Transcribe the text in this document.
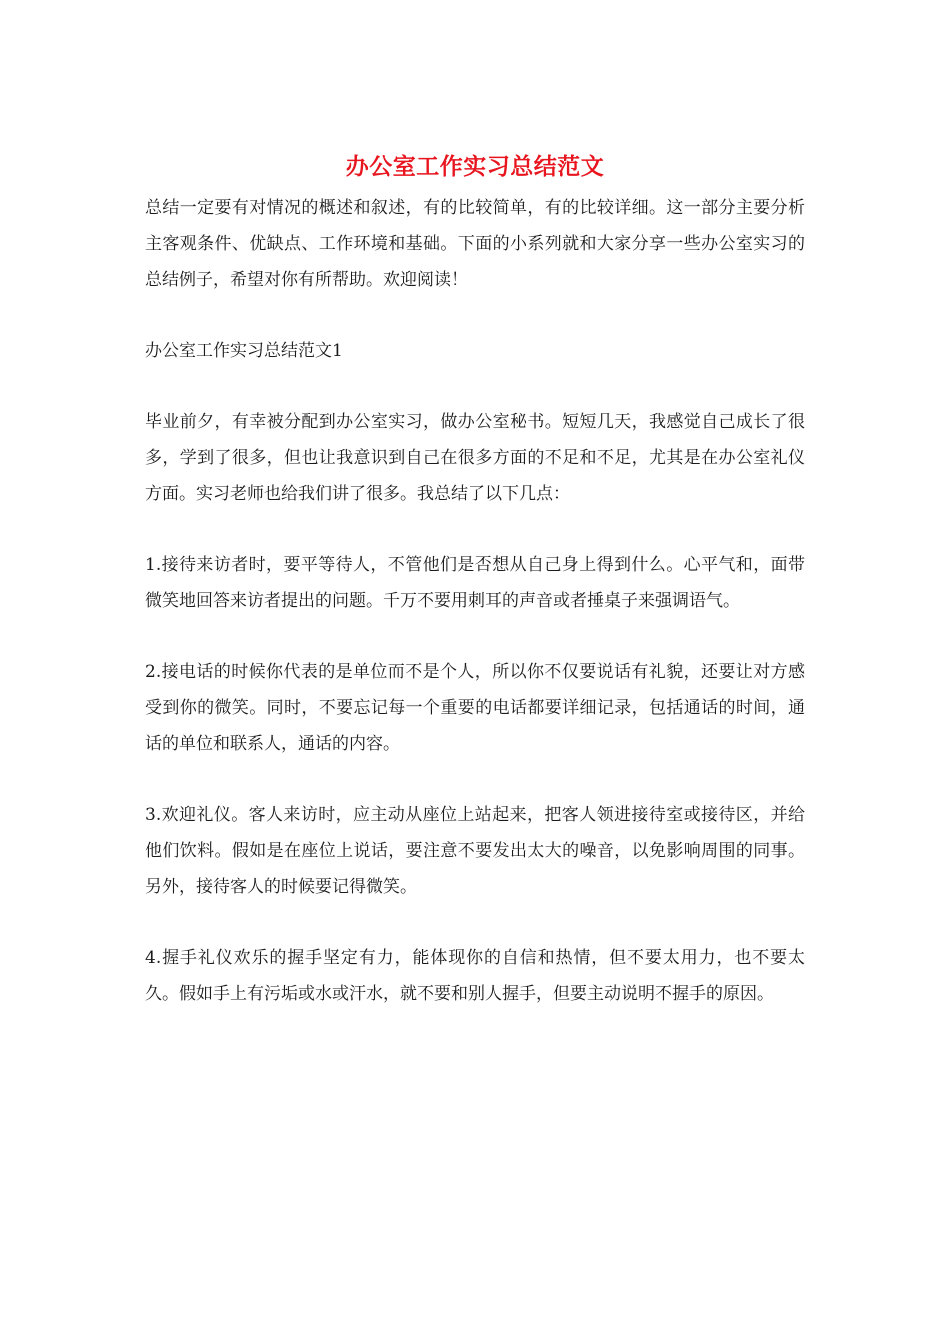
办公室工作实习总结范文

总结一定要有对情况的概述和叙述，有的比较简单，有的比较详细。这一部分主要分析主客观条件、优缺点、工作环境和基础。下面的小系列就和大家分享一些办公室实习的总结例子，希望对你有所帮助。欢迎阅读！

办公室工作实习总结范文1

毕业前夕，有幸被分配到办公室实习，做办公室秘书。短短几天，我感觉自己成长了很多，学到了很多，但也让我意识到自己在很多方面的不足和不足，尤其是在办公室礼仪方面。实习老师也给我们讲了很多。我总结了以下几点：

1.接待来访者时，要平等待人，不管他们是否想从自己身上得到什么。心平气和，面带微笑地回答来访者提出的问题。千万不要用刺耳的声音或者捶桌子来强调语气。

2.接电话的时候你代表的是单位而不是个人，所以你不仅要说话有礼貌，还要让对方感受到你的微笑。同时，不要忘记每一个重要的电话都要详细记录，包括通话的时间，通话的单位和联系人，通话的内容。

3.欢迎礼仪。客人来访时，应主动从座位上站起来，把客人领进接待室或接待区，并给他们饮料。假如是在座位上说话，要注意不要发出太大的噪音，以免影响周围的同事。另外，接待客人的时候要记得微笑。

4.握手礼仪欢乐的握手坚定有力，能体现你的自信和热情，但不要太用力，也不要太久。假如手上有污垢或水或汗水，就不要和别人握手，但要主动说明不握手的原因。
